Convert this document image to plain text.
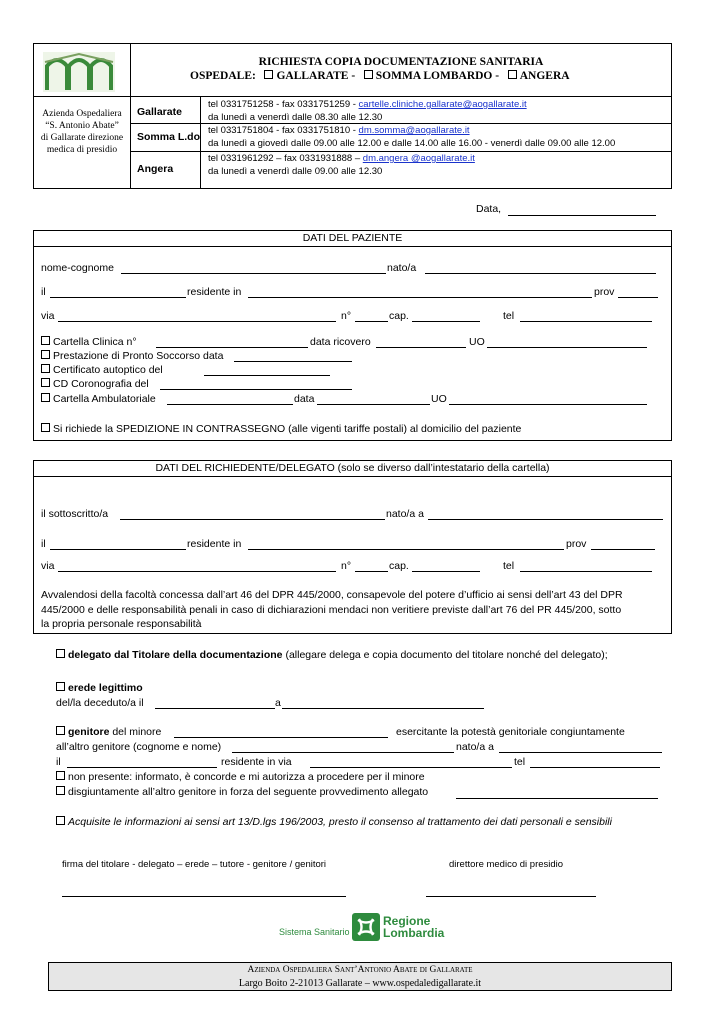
RICHIESTA COPIA DOCUMENTAZIONE SANITARIA
OSPEDALE: GALLARATE - SOMMA LOMBARDO - ANGERA
Azienda Ospedaliera
“S. Antonio Abate”
di Gallarate direzione
medica di presidio
Gallarate
tel 0331751258 - fax 0331751259 - cartelle.cliniche.gallarate@aogallarate.it
da lunedì a venerdì dalle 08.30 alle 12.30
Somma L.do
tel 0331751804 - fax 0331751810 - dm.somma@aogallarate.it
da lunedì a giovedì dalle 09.00 alle 12.00 e dalle 14.00 alle 16.00 - venerdì dalle 09.00 alle 12.00
Angera
tel 0331961292 – fax 0331931888 – dm.angera @aogallarate.it
da lunedì a venerdì dalle 09.00 alle 12.30
Data,
DATI DEL PAZIENTE
nome-cognome	nato/a
il	residente in	prov
via	n°	cap.	tel
Cartella Clinica n°	data ricovero	UO
Prestazione di Pronto Soccorso data
Certificato autoptico del
CD Coronografia del
Cartella Ambulatoriale	data	UO
Si richiede la SPEDIZIONE IN CONTRASSEGNO (alle vigenti tariffe postali) al domicilio del paziente
DATI DEL RICHIEDENTE/DELEGATO (solo se diverso dall’intestatario della cartella)
il sottoscritto/a	nato/a a
il	residente in	prov
via	n°	cap.	tel
Avvalendosi della facoltà concessa dall’art 46 del DPR 445/2000, consapevole del potere d’ufficio ai sensi dell’art 43 del DPR
445/2000 e delle responsabilità penali in caso di dichiarazioni mendaci non veritiere previste dall’art 76 del PR 445/200, sotto
la propria personale responsabilità
delegato dal Titolare della documentazione (allegare delega e copia documento del titolare nonché del delegato);
erede legittimo
del/la deceduto/a il	a
genitore del minore	esercitante la potestà genitoriale congiuntamente
all’altro genitore (cognome e nome)	nato/a a
il	residente in via	tel
non presente: informato, è concorde e mi autorizza a procedere per il minore
disgiuntamente all’altro genitore in forza del seguente provvedimento allegato
Acquisite le informazioni ai sensi art 13/D.lgs 196/2003, presto il consenso al trattamento dei dati personali e sensibili
firma del titolare - delegato – erede – tutore - genitore / genitori	direttore medico di presidio
Sistema Sanitario
Regione
Lombardia
Azienda Ospedaliera Sant’Antonio Abate di Gallarate
Largo Boito 2-21013 Gallarate – www.ospedaledigallarate.it
